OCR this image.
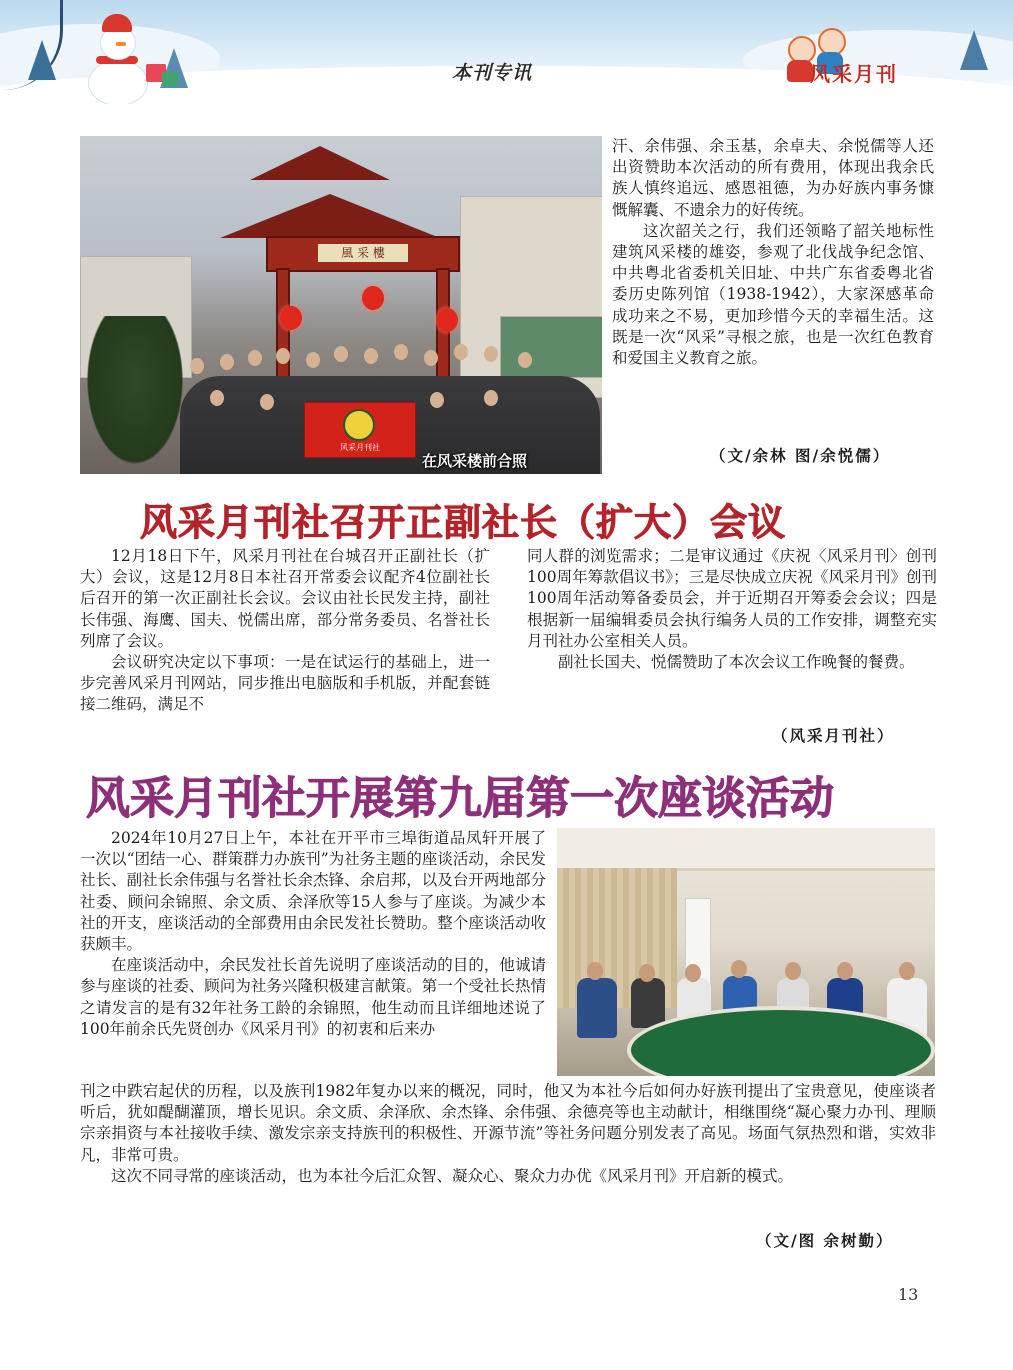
本刊专讯	风采月刊
風 采 樓
风采月刊社
在风采楼前合照

汗、余伟强、余玉基，余卓夫、余悦儒等人还出资赞助本次活动的所有费用，体现出我余氏族人慎终追远、感恩祖德，为办好族内事务慷慨解囊、不遗余力的好传统。

这次韶关之行，我们还领略了韶关地标性建筑风采楼的雄姿，参观了北伐战争纪念馆、中共粤北省委机关旧址、中共广东省委粤北省委历史陈列馆（1938-1942），大家深感革命成功来之不易，更加珍惜今天的幸福生活。这既是一次“风采”寻根之旅，也是一次红色教育和爱国主义教育之旅。

（文/余林 图/余悦儒）
风采月刊社召开正副社长（扩大）会议

12月18日下午，风采月刊社在台城召开正副社长（扩大）会议，这是12月8日本社召开常委会议配齐4位副社长后召开的第一次正副社长会议。会议由社长民发主持，副社长伟强、海鹰、国夫、悦儒出席，部分常务委员、名誉社长列席了会议。

会议研究决定以下事项：一是在试运行的基础上，进一步完善风采月刊网站，同步推出电脑版和手机版，并配套链接二维码，满足不

同人群的浏览需求；二是审议通过《庆祝〈风采月刊〉创刊100周年筹款倡议书》；三是尽快成立庆祝《风采月刊》创刊100周年活动筹备委员会，并于近期召开筹委会会议；四是根据新一届编辑委员会执行编务人员的工作安排，调整充实月刊社办公室相关人员。

副社长国夫、悦儒赞助了本次会议工作晚餐的餐费。

（风采月刊社）
风采月刊社开展第九届第一次座谈活动

2024年10月27日上午，本社在开平市三埠街道品凤轩开展了一次以“团结一心、群策群力办族刊”为社务主题的座谈活动，余民发社长、副社长余伟强与名誉社长余杰锋、余启邦，以及台开两地部分社委、顾问余锦照、余文质、余泽欣等15人参与了座谈。为减少本社的开支，座谈活动的全部费用由余民发社长赞助。整个座谈活动收获颇丰。

在座谈活动中，余民发社长首先说明了座谈活动的目的，他诚请参与座谈的社委、顾问为社务兴隆积极建言献策。第一个受社长热情之请发言的是有32年社务工龄的余锦照，他生动而且详细地述说了100年前余氏先贤创办《风采月刊》的初衷和后来办

刊之中跌宕起伏的历程，以及族刊1982年复办以来的概况，同时，他又为本社今后如何办好族刊提出了宝贵意见，使座谈者听后，犹如醍醐灌顶，增长见识。余文质、余泽欣、余杰锋、余伟强、余德亮等也主动献计，相继围绕“凝心聚力办刊、理顺宗亲捐资与本社接收手续、激发宗亲支持族刊的积极性、开源节流”等社务问题分别发表了高见。场面气氛热烈和谐，实效非凡，非常可贵。

这次不同寻常的座谈活动，也为本社今后汇众智、凝众心、聚众力办优《风采月刊》开启新的模式。

（文/图 余树勤）
13
